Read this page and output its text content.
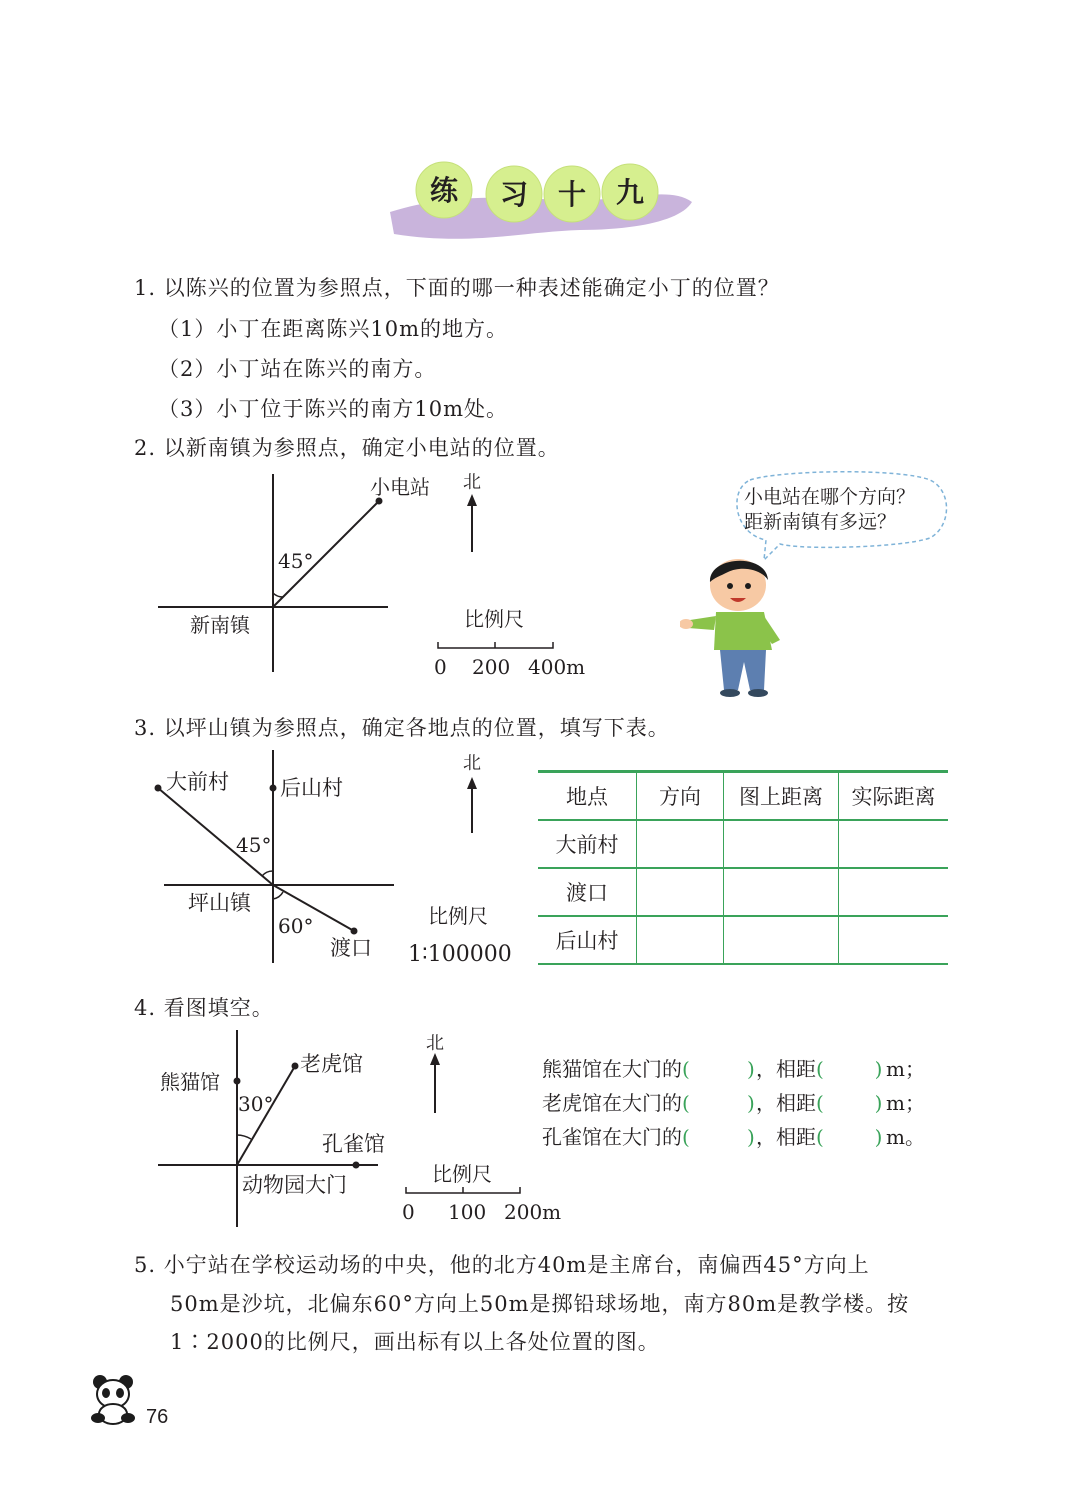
练 习 十 九
1. 以陈兴的位置为参照点，下面的哪一种表述能确定小丁的位置？
（1）小丁在距离陈兴10m的地方。
（2）小丁站在陈兴的南方。
（3）小丁位于陈兴的南方10m处。
2. 以新南镇为参照点，确定小电站的位置。
小电站
45°
新南镇
北
比例尺
0 200 400m
小电站在哪个方向？
距新南镇有多远？
3. 以坪山镇为参照点，确定各地点的位置，填写下表。
大前村 后山村
45°
坪山镇
60°
渡口
北
比例尺
1∶100000
地点	方向	图上距离	实际距离
大前村			
渡口			
后山村			
4. 看图填空。
熊猫馆
老虎馆
30°
孔雀馆
动物园大门
北
比例尺
0 100 200m
熊猫馆在大门的(         )，相距(        ) m；
老虎馆在大门的(         )，相距(        ) m；
孔雀馆在大门的(         )，相距(        ) m。
5. 小宁站在学校运动场的中央，他的北方40m是主席台，南偏西45°方向上
50m是沙坑，北偏东60°方向上50m是掷铅球场地，南方80m是教学楼。按
1∶2000的比例尺，画出标有以上各处位置的图。
76
